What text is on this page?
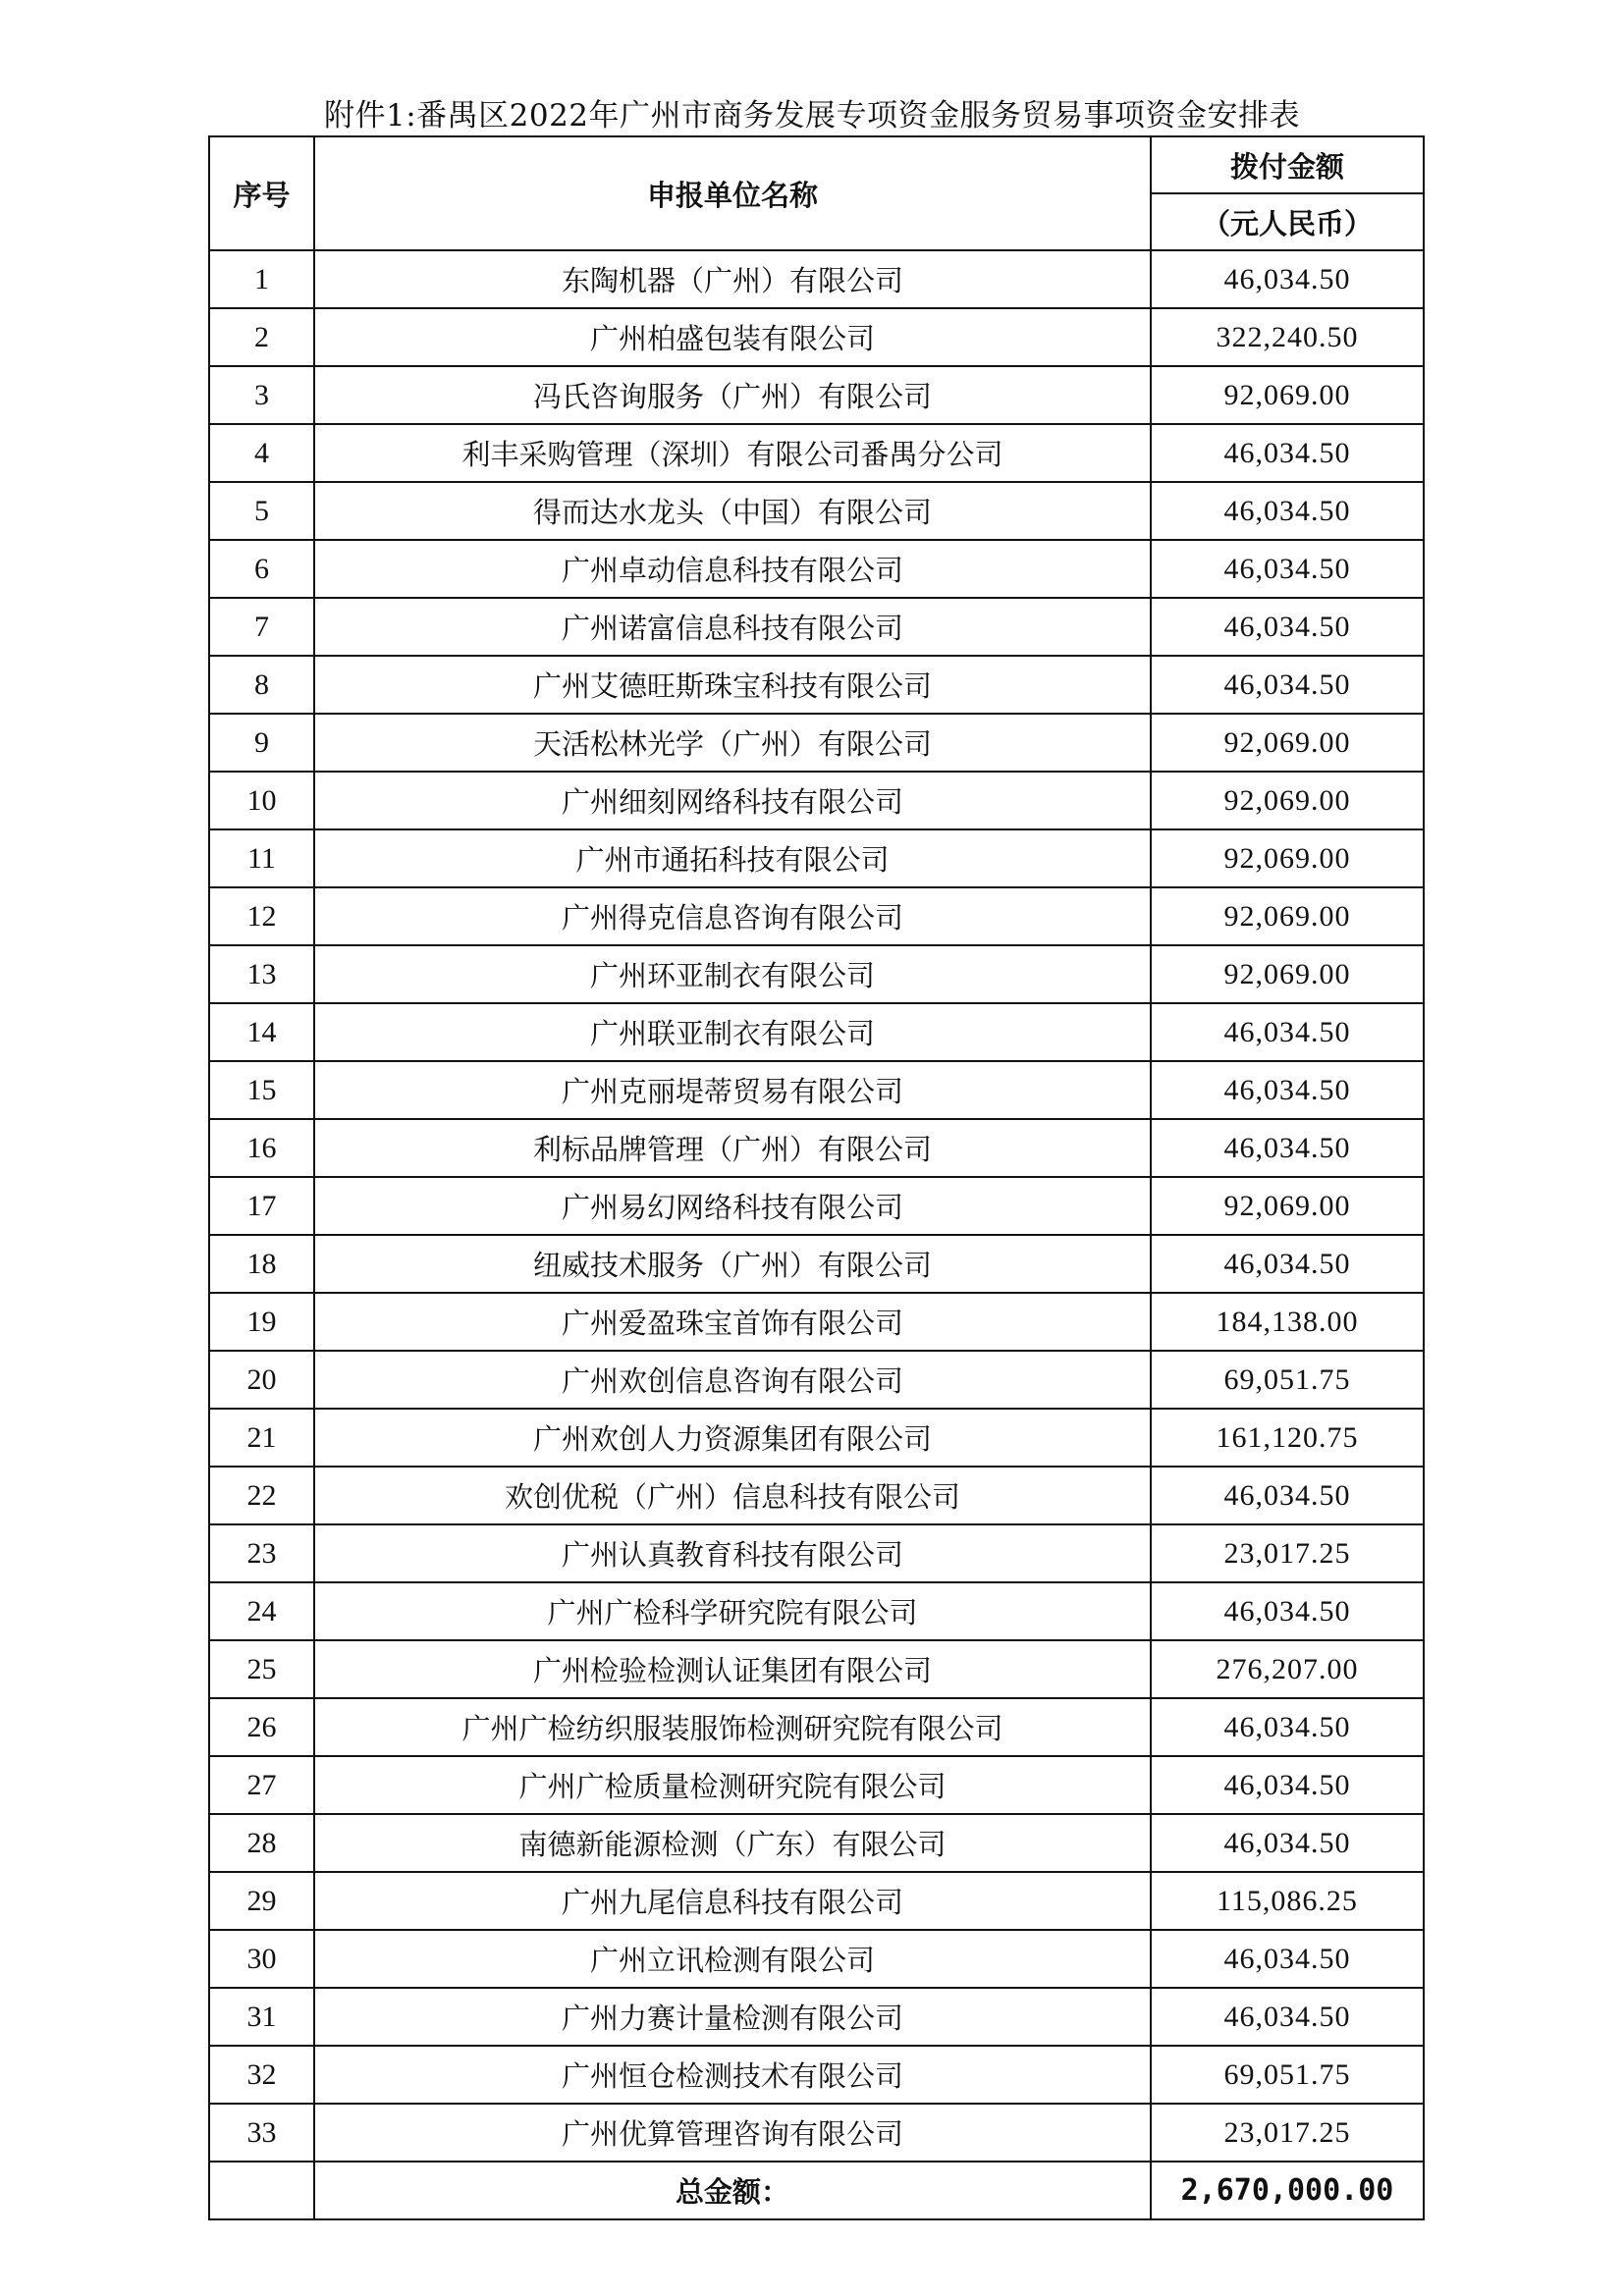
附件1:番禺区2022年广州市商务发展专项资金服务贸易事项资金安排表
序号	申报单位名称	拨付金额
		（元人民币）
1	东陶机器（广州）有限公司	46,034.50
2	广州柏盛包装有限公司	322,240.50
3	冯氏咨询服务（广州）有限公司	92,069.00
4	利丰采购管理（深圳）有限公司番禺分公司	46,034.50
5	得而达水龙头（中国）有限公司	46,034.50
6	广州卓动信息科技有限公司	46,034.50
7	广州诺富信息科技有限公司	46,034.50
8	广州艾德旺斯珠宝科技有限公司	46,034.50
9	天活松林光学（广州）有限公司	92,069.00
10	广州细刻网络科技有限公司	92,069.00
11	广州市通拓科技有限公司	92,069.00
12	广州得克信息咨询有限公司	92,069.00
13	广州环亚制衣有限公司	92,069.00
14	广州联亚制衣有限公司	46,034.50
15	广州克丽堤蒂贸易有限公司	46,034.50
16	利标品牌管理（广州）有限公司	46,034.50
17	广州易幻网络科技有限公司	92,069.00
18	纽威技术服务（广州）有限公司	46,034.50
19	广州爱盈珠宝首饰有限公司	184,138.00
20	广州欢创信息咨询有限公司	69,051.75
21	广州欢创人力资源集团有限公司	161,120.75
22	欢创优税（广州）信息科技有限公司	46,034.50
23	广州认真教育科技有限公司	23,017.25
24	广州广检科学研究院有限公司	46,034.50
25	广州检验检测认证集团有限公司	276,207.00
26	广州广检纺织服装服饰检测研究院有限公司	46,034.50
27	广州广检质量检测研究院有限公司	46,034.50
28	南德新能源检测（广东）有限公司	46,034.50
29	广州九尾信息科技有限公司	115,086.25
30	广州立讯检测有限公司	46,034.50
31	广州力赛计量检测有限公司	46,034.50
32	广州恒仓检测技术有限公司	69,051.75
33	广州优算管理咨询有限公司	23,017.25
	总金额：	2,670,000.00
